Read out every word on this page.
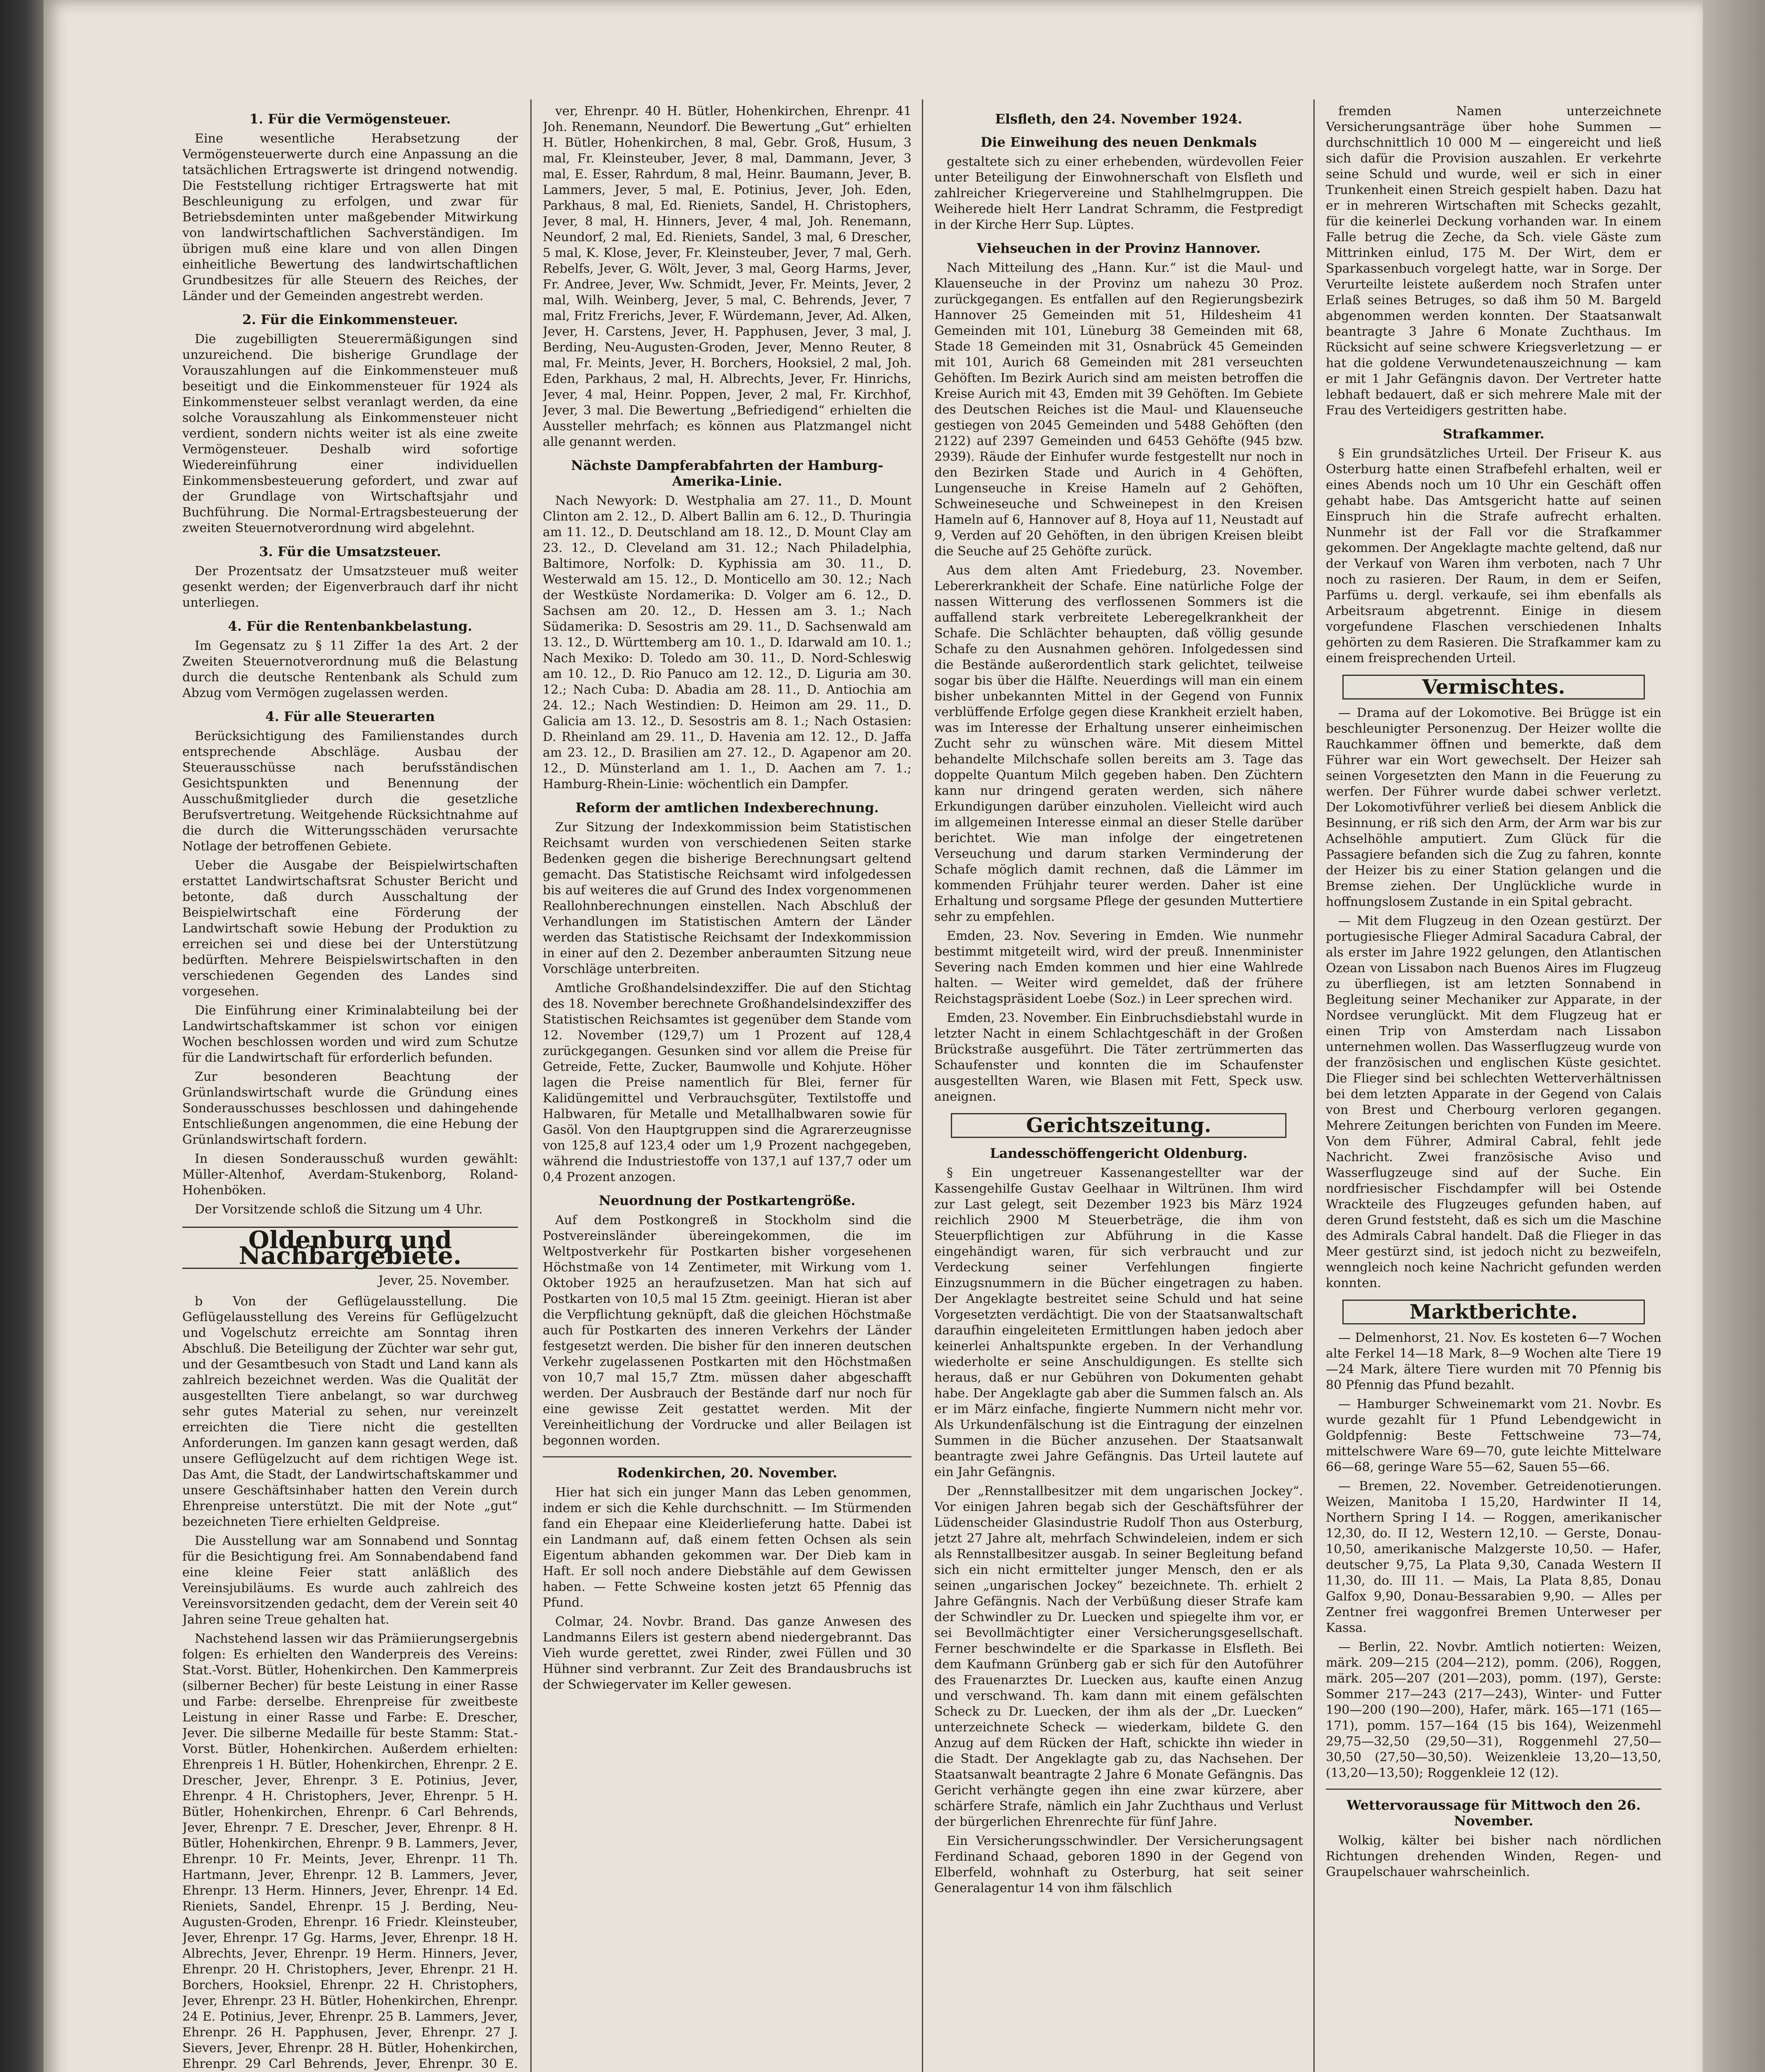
1. Für die Vermögensteuer.

Eine wesentliche Herabsetzung der Vermögensteuerwerte durch eine Anpassung an die tatsächlichen Ertragswerte ist dringend notwendig. Die Feststellung richtiger Ertragswerte hat mit Beschleunigung zu erfolgen, und zwar für Betriebsdeminten unter maßgebender Mitwirkung von landwirtschaftlichen Sachverständigen. Im übrigen muß eine klare und von allen Dingen einheitliche Bewertung des landwirtschaftlichen Grundbesitzes für alle Steuern des Reiches, der Länder und der Gemeinden angestrebt werden.

2. Für die Einkommensteuer.

Die zugebilligten Steuerermäßigungen sind unzureichend. Die bisherige Grundlage der Vorauszahlungen auf die Einkommensteuer muß beseitigt und die Einkommensteuer für 1924 als Einkommensteuer selbst veranlagt werden, da eine solche Vorauszahlung als Einkommensteuer nicht verdient, sondern nichts weiter ist als eine zweite Vermögensteuer. Deshalb wird sofortige Wiedereinführung einer individuellen Einkommensbesteuerung gefordert, und zwar auf der Grundlage von Wirtschaftsjahr und Buchführung. Die Normal-Ertragsbesteuerung der zweiten Steuernotverordnung wird abgelehnt.

3. Für die Umsatzsteuer.

Der Prozentsatz der Umsatzsteuer muß weiter gesenkt werden; der Eigenverbrauch darf ihr nicht unterliegen.

4. Für die Rentenbankbelastung.

Im Gegensatz zu § 11 Ziffer 1a des Art. 2 der Zweiten Steuernotverordnung muß die Belastung durch die deutsche Rentenbank als Schuld zum Abzug vom Vermögen zugelassen werden.

4. Für alle Steuerarten

Berücksichtigung des Familienstandes durch entsprechende Abschläge. Ausbau der Steuerausschüsse nach berufsständischen Gesichtspunkten und Benennung der Ausschußmitglieder durch die gesetzliche Berufsvertretung. Weitgehende Rücksichtnahme auf die durch die Witterungsschäden verursachte Notlage der betroffenen Gebiete.

Ueber die Ausgabe der Beispielwirtschaften erstattet Landwirtschaftsrat Schuster Bericht und betonte, daß durch Ausschaltung der Beispielwirtschaft eine Förderung der Landwirtschaft sowie Hebung der Produktion zu erreichen sei und diese bei der Unterstützung bedürften. Mehrere Beispielswirtschaften in den verschiedenen Gegenden des Landes sind vorgesehen.

Die Einführung einer Kriminalabteilung bei der Landwirtschaftskammer ist schon vor einigen Wochen beschlossen worden und wird zum Schutze für die Landwirtschaft für erforderlich befunden.

Zur besonderen Beachtung der Grünlandswirtschaft wurde die Gründung eines Sonderausschusses beschlossen und dahingehende Entschließungen angenommen, die eine Hebung der Grünlandswirtschaft fordern.

In diesen Sonderausschuß wurden gewählt: Müller-Altenhof, Averdam-Stukenborg, Roland-Hohenböken.

Der Vorsitzende schloß die Sitzung um 4 Uhr.

Oldenburg und Nachbargebiete.
Jever, 25. November.

b Von der Geflügelausstellung. Die Geflügelausstellung des Vereins für Geflügelzucht und Vogelschutz erreichte am Sonntag ihren Abschluß. Die Beteiligung der Züchter war sehr gut, und der Gesamtbesuch von Stadt und Land kann als zahlreich bezeichnet werden. Was die Qualität der ausgestellten Tiere anbelangt, so war durchweg sehr gutes Material zu sehen, nur vereinzelt erreichten die Tiere nicht die gestellten Anforderungen. Im ganzen kann gesagt werden, daß unsere Geflügelzucht auf dem richtigen Wege ist. Das Amt, die Stadt, der Landwirtschaftskammer und unsere Geschäftsinhaber hatten den Verein durch Ehrenpreise unterstützt. Die mit der Note „gut“ bezeichneten Tiere erhielten Geldpreise.

Die Ausstellung war am Sonnabend und Sonntag für die Besichtigung frei. Am Sonnabendabend fand eine kleine Feier statt anläßlich des Vereinsjubiläums. Es wurde auch zahlreich des Vereinsvorsitzenden gedacht, dem der Verein seit 40 Jahren seine Treue gehalten hat.

Nachstehend lassen wir das Prämiierungsergebnis folgen: Es erhielten den Wanderpreis des Vereins: Stat.-Vorst. Bütler, Hohenkirchen. Den Kammerpreis (silberner Becher) für beste Leistung in einer Rasse und Farbe: derselbe. Ehrenpreise für zweitbeste Leistung in einer Rasse und Farbe: E. Drescher, Jever. Die silberne Medaille für beste Stamm: Stat.-Vorst. Bütler, Hohenkirchen. Außerdem erhielten: Ehrenpreis 1 H. Bütler, Hohenkirchen, Ehrenpr. 2 E. Drescher, Jever, Ehrenpr. 3 E. Potinius, Jever, Ehrenpr. 4 H. Christophers, Jever, Ehrenpr. 5 H. Bütler, Hohenkirchen, Ehrenpr. 6 Carl Behrends, Jever, Ehrenpr. 7 E. Drescher, Jever, Ehrenpr. 8 H. Bütler, Hohenkirchen, Ehrenpr. 9 B. Lammers, Jever, Ehrenpr. 10 Fr. Meints, Jever, Ehrenpr. 11 Th. Hartmann, Jever, Ehrenpr. 12 B. Lammers, Jever, Ehrenpr. 13 Herm. Hinners, Jever, Ehrenpr. 14 Ed. Rieniets, Sandel, Ehrenpr. 15 J. Berding, Neu-Augusten-Groden, Ehrenpr. 16 Friedr. Kleinsteuber, Jever, Ehrenpr. 17 Gg. Harms, Jever, Ehrenpr. 18 H. Albrechts, Jever, Ehrenpr. 19 Herm. Hinners, Jever, Ehrenpr. 20 H. Christophers, Jever, Ehrenpr. 21 H. Borchers, Hooksiel, Ehrenpr. 22 H. Christophers, Jever, Ehrenpr. 23 H. Bütler, Hohenkirchen, Ehrenpr. 24 E. Potinius, Jever, Ehrenpr. 25 B. Lammers, Jever, Ehrenpr. 26 H. Papphusen, Jever, Ehrenpr. 27 J. Sievers, Jever, Ehrenpr. 28 H. Bütler, Hohenkirchen, Ehrenpr. 29 Carl Behrends, Jever, Ehrenpr. 30 E.

ver, Ehrenpr. 40 H. Bütler, Hohenkirchen, Ehrenpr. 41 Joh. Renemann, Neundorf. Die Bewertung „Gut“ erhielten H. Bütler, Hohenkirchen, 8 mal, Gebr. Groß, Husum, 3 mal, Fr. Kleinsteuber, Jever, 8 mal, Dammann, Jever, 3 mal, E. Esser, Rahrdum, 8 mal, Heinr. Baumann, Jever, B. Lammers, Jever, 5 mal, E. Potinius, Jever, Joh. Eden, Parkhaus, 8 mal, Ed. Rieniets, Sandel, H. Christophers, Jever, 8 mal, H. Hinners, Jever, 4 mal, Joh. Renemann, Neundorf, 2 mal, Ed. Rieniets, Sandel, 3 mal, 6 Drescher, 5 mal, K. Klose, Jever, Fr. Kleinsteuber, Jever, 7 mal, Gerh. Rebelfs, Jever, G. Wölt, Jever, 3 mal, Georg Harms, Jever, Fr. Andree, Jever, Ww. Schmidt, Jever, Fr. Meints, Jever, 2 mal, Wilh. Weinberg, Jever, 5 mal, C. Behrends, Jever, 7 mal, Fritz Frerichs, Jever, F. Würdemann, Jever, Ad. Alken, Jever, H. Carstens, Jever, H. Papphusen, Jever, 3 mal, J. Berding, Neu-Augusten-Groden, Jever, Menno Reuter, 8 mal, Fr. Meints, Jever, H. Borchers, Hooksiel, 2 mal, Joh. Eden, Parkhaus, 2 mal, H. Albrechts, Jever, Fr. Hinrichs, Jever, 4 mal, Heinr. Poppen, Jever, 2 mal, Fr. Kirchhof, Jever, 3 mal. Die Bewertung „Befriedigend“ erhielten die Aussteller mehrfach; es können aus Platzmangel nicht alle genannt werden.

Nächste Dampferabfahrten der Hamburg-Amerika-Linie.

Nach Newyork: D. Westphalia am 27. 11., D. Mount Clinton am 2. 12., D. Albert Ballin am 6. 12., D. Thuringia am 11. 12., D. Deutschland am 18. 12., D. Mount Clay am 23. 12., D. Cleveland am 31. 12.; Nach Philadelphia, Baltimore, Norfolk: D. Kyphissia am 30. 11., D. Westerwald am 15. 12., D. Monticello am 30. 12.; Nach der Westküste Nordamerika: D. Volger am 6. 12., D. Sachsen am 20. 12., D. Hessen am 3. 1.; Nach Südamerika: D. Sesostris am 29. 11., D. Sachsenwald am 13. 12., D. Württemberg am 10. 1., D. Idarwald am 10. 1.; Nach Mexiko: D. Toledo am 30. 11., D. Nord-Schleswig am 10. 12., D. Rio Panuco am 12. 12., D. Liguria am 30. 12.; Nach Cuba: D. Abadia am 28. 11., D. Antiochia am 24. 12.; Nach Westindien: D. Heimon am 29. 11., D. Galicia am 13. 12., D. Sesostris am 8. 1.; Nach Ostasien: D. Rheinland am 29. 11., D. Havenia am 12. 12., D. Jaffa am 23. 12., D. Brasilien am 27. 12., D. Agapenor am 20. 12., D. Münsterland am 1. 1., D. Aachen am 7. 1.; Hamburg-Rhein-Linie: wöchentlich ein Dampfer.

Reform der amtlichen Indexberechnung.

Zur Sitzung der Indexkommission beim Statistischen Reichsamt wurden von verschiedenen Seiten starke Bedenken gegen die bisherige Berechnungsart geltend gemacht. Das Statistische Reichsamt wird infolgedessen bis auf weiteres die auf Grund des Index vorgenommenen Reallohnberechnungen einstellen. Nach Abschluß der Verhandlungen im Statistischen Amtern der Länder werden das Statistische Reichsamt der Indexkommission in einer auf den 2. Dezember anberaumten Sitzung neue Vorschläge unterbreiten.

Amtliche Großhandelsindexziffer. Die auf den Stichtag des 18. November berechnete Großhandelsindexziffer des Statistischen Reichsamtes ist gegenüber dem Stande vom 12. November (129,7) um 1 Prozent auf 128,4 zurückgegangen. Gesunken sind vor allem die Preise für Getreide, Fette, Zucker, Baumwolle und Kohjute. Höher lagen die Preise namentlich für Blei, ferner für Kalidüngemittel und Verbrauchsgüter, Textilstoffe und Halbwaren, für Metalle und Metallhalbwaren sowie für Gasöl. Von den Hauptgruppen sind die Agrarerzeugnisse von 125,8 auf 123,4 oder um 1,9 Prozent nachgegeben, während die Industriestoffe von 137,1 auf 137,7 oder um 0,4 Prozent anzogen.

Neuordnung der Postkartengröße.

Auf dem Postkongreß in Stockholm sind die Postvereinsländer übereingekommen, die im Weltpostverkehr für Postkarten bisher vorgesehenen Höchstmaße von 14 Zentimeter, mit Wirkung vom 1. Oktober 1925 an heraufzusetzen. Man hat sich auf Postkarten von 10,5 mal 15 Ztm. geeinigt. Hieran ist aber die Verpflichtung geknüpft, daß die gleichen Höchstmaße auch für Postkarten des inneren Verkehrs der Länder festgesetzt werden. Die bisher für den inneren deutschen Verkehr zugelassenen Postkarten mit den Höchstmaßen von 10,7 mal 15,7 Ztm. müssen daher abgeschafft werden. Der Ausbrauch der Bestände darf nur noch für eine gewisse Zeit gestattet werden. Mit der Vereinheitlichung der Vordrucke und aller Beilagen ist begonnen worden.

Rodenkirchen, 20. November.

Hier hat sich ein junger Mann das Leben genommen, indem er sich die Kehle durchschnitt. — Im Stürmenden fand ein Ehepaar eine Kleiderlieferung hatte. Dabei ist ein Landmann auf, daß einem fetten Ochsen als sein Eigentum abhanden gekommen war. Der Dieb kam in Haft. Er soll noch andere Diebstähle auf dem Gewissen haben. — Fette Schweine kosten jetzt 65 Pfennig das Pfund.

Colmar, 24. Novbr. Brand. Das ganze Anwesen des Landmanns Eilers ist gestern abend niedergebrannt. Das Vieh wurde gerettet, zwei Rinder, zwei Füllen und 30 Hühner sind verbrannt. Zur Zeit des Brandausbruchs ist der Schwiegervater im Keller gewesen.

Elsfleth, den 24. November 1924.
Die Einweihung des neuen Denkmals

gestaltete sich zu einer erhebenden, würdevollen Feier unter Beteiligung der Einwohnerschaft von Elsfleth und zahlreicher Kriegervereine und Stahlhelmgruppen. Die Weiherede hielt Herr Landrat Schramm, die Festpredigt in der Kirche Herr Sup. Lüptes.

Viehseuchen in der Provinz Hannover.

Nach Mitteilung des „Hann. Kur.“ ist die Maul- und Klauenseuche in der Provinz um nahezu 30 Proz. zurückgegangen. Es entfallen auf den Regierungsbezirk Hannover 25 Gemeinden mit 51, Hildesheim 41 Gemeinden mit 101, Lüneburg 38 Gemeinden mit 68, Stade 18 Gemeinden mit 31, Osnabrück 45 Gemeinden mit 101, Aurich 68 Gemeinden mit 281 verseuchten Gehöften. Im Bezirk Aurich sind am meisten betroffen die Kreise Aurich mit 43, Emden mit 39 Gehöften. Im Gebiete des Deutschen Reiches ist die Maul- und Klauenseuche gestiegen von 2045 Gemeinden und 5488 Gehöften (den 2122) auf 2397 Gemeinden und 6453 Gehöfte (945 bzw. 2939). Räude der Einhufer wurde festgestellt nur noch in den Bezirken Stade und Aurich in 4 Gehöften, Lungenseuche in Kreise Hameln auf 2 Gehöften, Schweineseuche und Schweinepest in den Kreisen Hameln auf 6, Hannover auf 8, Hoya auf 11, Neustadt auf 9, Verden auf 20 Gehöften, in den übrigen Kreisen bleibt die Seuche auf 25 Gehöfte zurück.

Aus dem alten Amt Friedeburg, 23. November. Lebererkrankheit der Schafe. Eine natürliche Folge der nassen Witterung des verflossenen Sommers ist die auffallend stark verbreitete Leberegelkrankheit der Schafe. Die Schlächter behaupten, daß völlig gesunde Schafe zu den Ausnahmen gehören. Infolgedessen sind die Bestände außerordentlich stark gelichtet, teilweise sogar bis über die Hälfte. Neuerdings will man ein einem bisher unbekannten Mittel in der Gegend von Funnix verblüffende Erfolge gegen diese Krankheit erzielt haben, was im Interesse der Erhaltung unserer einheimischen Zucht sehr zu wünschen wäre. Mit diesem Mittel behandelte Milchschafe sollen bereits am 3. Tage das doppelte Quantum Milch gegeben haben. Den Züchtern kann nur dringend geraten werden, sich nähere Erkundigungen darüber einzuholen. Vielleicht wird auch im allgemeinen Interesse einmal an dieser Stelle darüber berichtet. Wie man infolge der eingetretenen Verseuchung und darum starken Verminderung der Schafe möglich damit rechnen, daß die Lämmer im kommenden Frühjahr teurer werden. Daher ist eine Erhaltung und sorgsame Pflege der gesunden Muttertiere sehr zu empfehlen.

Emden, 23. Nov. Severing in Emden. Wie nunmehr bestimmt mitgeteilt wird, wird der preuß. Innenminister Severing nach Emden kommen und hier eine Wahlrede halten. — Weiter wird gemeldet, daß der frühere Reichstagspräsident Loebe (Soz.) in Leer sprechen wird.

Emden, 23. November. Ein Einbruchsdiebstahl wurde in letzter Nacht in einem Schlachtgeschäft in der Großen Brückstraße ausgeführt. Die Täter zertrümmerten das Schaufenster und konnten die im Schaufenster ausgestellten Waren, wie Blasen mit Fett, Speck usw. aneignen.

Gerichtszeitung.
Landesschöffengericht Oldenburg.

§ Ein ungetreuer Kassenangestellter war der Kassengehilfe Gustav Geelhaar in Wiltrünen. Ihm wird zur Last gelegt, seit Dezember 1923 bis März 1924 reichlich 2900 M Steuerbeträge, die ihm von Steuerpflichtigen zur Abführung in die Kasse eingehändigt waren, für sich verbraucht und zur Verdeckung seiner Verfehlungen fingierte Einzugsnummern in die Bücher eingetragen zu haben. Der Angeklagte bestreitet seine Schuld und hat seine Vorgesetzten verdächtigt. Die von der Staatsanwaltschaft daraufhin eingeleiteten Ermittlungen haben jedoch aber keinerlei Anhaltspunkte ergeben. In der Verhandlung wiederholte er seine Anschuldigungen. Es stellte sich heraus, daß er nur Gebühren von Dokumenten gehabt habe. Der Angeklagte gab aber die Summen falsch an. Als er im März einfache, fingierte Nummern nicht mehr vor. Als Urkundenfälschung ist die Eintragung der einzelnen Summen in die Bücher anzusehen. Der Staatsanwalt beantragte zwei Jahre Gefängnis. Das Urteil lautete auf ein Jahr Gefängnis.

Der „Rennstallbesitzer mit dem ungarischen Jockey“. Vor einigen Jahren begab sich der Geschäftsführer der Lüdenscheider Glasindustrie Rudolf Thon aus Osterburg, jetzt 27 Jahre alt, mehrfach Schwindeleien, indem er sich als Rennstallbesitzer ausgab. In seiner Begleitung befand sich ein nicht ermittelter junger Mensch, den er als seinen „ungarischen Jockey“ bezeichnete. Th. erhielt 2 Jahre Gefängnis. Nach der Verbüßung dieser Strafe kam der Schwindler zu Dr. Luecken und spiegelte ihm vor, er sei Bevollmächtigter einer Versicherungsgesellschaft. Ferner beschwindelte er die Sparkasse in Elsfleth. Bei dem Kaufmann Grünberg gab er sich für den Autoführer des Frauenarztes Dr. Luecken aus, kaufte einen Anzug und verschwand. Th. kam dann mit einem gefälschten Scheck zu Dr. Luecken, der ihm als der „Dr. Luecken“ unterzeichnete Scheck — wiederkam, bildete G. den Anzug auf dem Rücken der Haft, schickte ihn wieder in die Stadt. Der Angeklagte gab zu, das Nachsehen. Der Staatsanwalt beantragte 2 Jahre 6 Monate Gefängnis. Das Gericht verhängte gegen ihn eine zwar kürzere, aber schärfere Strafe, nämlich ein Jahr Zuchthaus und Verlust der bürgerlichen Ehrenrechte für fünf Jahre.

Ein Versicherungsschwindler. Der Versicherungsagent Ferdinand Schaad, geboren 1890 in der Gegend von Elberfeld, wohnhaft zu Osterburg, hat seit seiner Generalagentur 14 von ihm fälschlich

fremden Namen unterzeichnete Versicherungsanträge über hohe Summen — durchschnittlich 10 000 M — eingereicht und ließ sich dafür die Provision auszahlen. Er verkehrte seine Schuld und wurde, weil er sich in einer Trunkenheit einen Streich gespielt haben. Dazu hat er in mehreren Wirtschaften mit Schecks gezahlt, für die keinerlei Deckung vorhanden war. In einem Falle betrug die Zeche, da Sch. viele Gäste zum Mittrinken einlud, 175 M. Der Wirt, dem er Sparkassenbuch vorgelegt hatte, war in Sorge. Der Verurteilte leistete außerdem noch Strafen unter Erlaß seines Betruges, so daß ihm 50 M. Bargeld abgenommen werden konnten. Der Staatsanwalt beantragte 3 Jahre 6 Monate Zuchthaus. Im Rücksicht auf seine schwere Kriegsverletzung — er hat die goldene Verwundetenauszeichnung — kam er mit 1 Jahr Gefängnis davon. Der Vertreter hatte lebhaft bedauert, daß er sich mehrere Male mit der Frau des Verteidigers gestritten habe.

Strafkammer.

§ Ein grundsätzliches Urteil. Der Friseur K. aus Osterburg hatte einen Strafbefehl erhalten, weil er eines Abends noch um 10 Uhr ein Geschäft offen gehabt habe. Das Amtsgericht hatte auf seinen Einspruch hin die Strafe aufrecht erhalten. Nunmehr ist der Fall vor die Strafkammer gekommen. Der Angeklagte machte geltend, daß nur der Verkauf von Waren ihm verboten, nach 7 Uhr noch zu rasieren. Der Raum, in dem er Seifen, Parfüms u. dergl. verkaufe, sei ihm ebenfalls als Arbeitsraum abgetrennt. Einige in diesem vorgefundene Flaschen verschiedenen Inhalts gehörten zu dem Rasieren. Die Strafkammer kam zu einem freisprechenden Urteil.

Vermischtes.

— Drama auf der Lokomotive. Bei Brügge ist ein beschleunigter Personenzug. Der Heizer wollte die Rauchkammer öffnen und bemerkte, daß dem Führer war ein Wort gewechselt. Der Heizer sah seinen Vorgesetzten den Mann in die Feuerung zu werfen. Der Führer wurde dabei schwer verletzt. Der Lokomotivführer verließ bei diesem Anblick die Besinnung, er riß sich den Arm, der Arm war bis zur Achselhöhle amputiert. Zum Glück für die Passagiere befanden sich die Zug zu fahren, konnte der Heizer bis zu einer Station gelangen und die Bremse ziehen. Der Unglückliche wurde in hoffnungslosem Zustande in ein Spital gebracht.

— Mit dem Flugzeug in den Ozean gestürzt. Der portugiesische Flieger Admiral Sacadura Cabral, der als erster im Jahre 1922 gelungen, den Atlantischen Ozean von Lissabon nach Buenos Aires im Flugzeug zu überfliegen, ist am letzten Sonnabend in Begleitung seiner Mechaniker zur Apparate, in der Nordsee verunglückt. Mit dem Flugzeug hat er einen Trip von Amsterdam nach Lissabon unternehmen wollen. Das Wasserflugzeug wurde von der französischen und englischen Küste gesichtet. Die Flieger sind bei schlechten Wetterverhältnissen bei dem letzten Apparate in der Gegend von Calais von Brest und Cherbourg verloren gegangen. Mehrere Zeitungen berichten von Funden im Meere. Von dem Führer, Admiral Cabral, fehlt jede Nachricht. Zwei französische Aviso und Wasserflugzeuge sind auf der Suche. Ein nordfriesischer Fischdampfer will bei Ostende Wrackteile des Flugzeuges gefunden haben, auf deren Grund feststeht, daß es sich um die Maschine des Admirals Cabral handelt. Daß die Flieger in das Meer gestürzt sind, ist jedoch nicht zu bezweifeln, wenngleich noch keine Nachricht gefunden werden konnten.

Marktberichte.

— Delmenhorst, 21. Nov. Es kosteten 6—7 Wochen alte Ferkel 14—18 Mark, 8—9 Wochen alte Tiere 19—24 Mark, ältere Tiere wurden mit 70 Pfennig bis 80 Pfennig das Pfund bezahlt.

— Hamburger Schweinemarkt vom 21. Novbr. Es wurde gezahlt für 1 Pfund Lebendgewicht in Goldpfennig: Beste Fettschweine 73—74, mittelschwere Ware 69—70, gute leichte Mittelware 66—68, geringe Ware 55—62, Sauen 55—66.

— Bremen, 22. November. Getreidenotierungen. Weizen, Manitoba I 15,20, Hardwinter II 14, Northern Spring I 14. — Roggen, amerikanischer 12,30, do. II 12, Western 12,10. — Gerste, Donau- 10,50, amerikanische Malzgerste 10,50. — Hafer, deutscher 9,75, La Plata 9,30, Canada Western II 11,30, do. III 11. — Mais, La Plata 8,85, Donau Galfox 9,90, Donau-Bessarabien 9,90. — Alles per Zentner frei waggonfrei Bremen Unterweser per Kassa.

— Berlin, 22. Novbr. Amtlich notierten: Weizen, märk. 209—215 (204—212), pomm. (206), Roggen, märk. 205—207 (201—203), pomm. (197), Gerste: Sommer 217—243 (217—243), Winter- und Futter 190—200 (190—200), Hafer, märk. 165—171 (165—171), pomm. 157—164 (15 bis 164), Weizenmehl 29,75—32,50 (29,50—31), Roggenmehl 27,50—30,50 (27,50—30,50). Weizenkleie 13,20—13,50, (13,20—13,50); Roggenkleie 12 (12).

Wettervoraussage für Mittwoch den 26. November.

Wolkig, kälter bei bisher nach nördlichen Richtungen drehenden Winden, Regen- und Graupelschauer wahrscheinlich.
